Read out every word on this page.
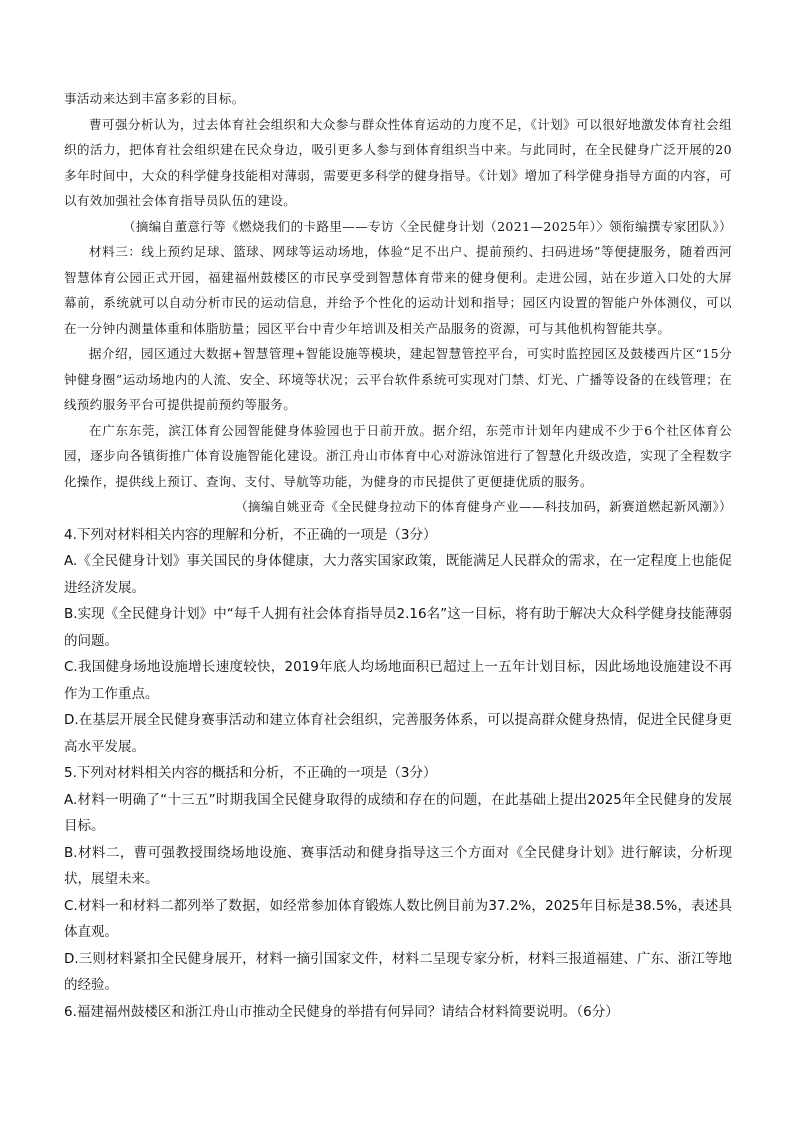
事活动来达到丰富多彩的目标。

曹可强分析认为，过去体育社会组织和大众参与群众性体育运动的力度不足，《计划》可以很好地激发体育社会组织的活力，把体育社会组织建在民众身边，吸引更多人参与到体育组织当中来。与此同时，在全民健身广泛开展的20多年时间中，大众的科学健身技能相对薄弱，需要更多科学的健身指导。《计划》增加了科学健身指导方面的内容，可以有效加强社会体育指导员队伍的建设。

（摘编自董意行等《燃烧我们的卡路里——专访〈全民健身计划（2021—2025年）〉领衔编撰专家团队》）

材料三：线上预约足球、篮球、网球等运动场地，体验“足不出户、提前预约、扫码进场”等便捷服务，随着西河智慧体育公园正式开园，福建福州鼓楼区的市民享受到智慧体育带来的健身便利。走进公园，站在步道入口处的大屏幕前，系统就可以自动分析市民的运动信息，并给予个性化的运动计划和指导；园区内设置的智能户外体测仪，可以在一分钟内测量体重和体脂肪量；园区平台中青少年培训及相关产品服务的资源，可与其他机构智能共享。

据介绍，园区通过大数据+智慧管理+智能设施等模块，建起智慧管控平台，可实时监控园区及鼓楼西片区“15分钟健身圈”运动场地内的人流、安全、环境等状况；云平台软件系统可实现对门禁、灯光、广播等设备的在线管理；在线预约服务平台可提供提前预约等服务。

在广东东莞，滨江体育公园智能健身体验园也于日前开放。据介绍，东莞市计划年内建成不少于6个社区体育公园，逐步向各镇街推广体育设施智能化建设。浙江舟山市体育中心对游泳馆进行了智慧化升级改造，实现了全程数字化操作，提供线上预订、查询、支付、导航等功能，为健身的市民提供了更便捷优质的服务。

（摘编自姚亚奇《全民健身拉动下的体育健身产业——科技加码，新赛道燃起新风潮》）

4.下列对材料相关内容的理解和分析，不正确的一项是（3分）

A.《全民健身计划》事关国民的身体健康，大力落实国家政策，既能满足人民群众的需求，在一定程度上也能促进经济发展。

B.实现《全民健身计划》中“每千人拥有社会体育指导员2.16名”这一目标，将有助于解决大众科学健身技能薄弱的问题。

C.我国健身场地设施增长速度较快，2019年底人均场地面积已超过上一五年计划目标，因此场地设施建设不再作为工作重点。

D.在基层开展全民健身赛事活动和建立体育社会组织，完善服务体系，可以提高群众健身热情，促进全民健身更高水平发展。

5.下列对材料相关内容的概括和分析，不正确的一项是（3分）

A.材料一明确了“十三五”时期我国全民健身取得的成绩和存在的问题，在此基础上提出2025年全民健身的发展目标。

B.材料二，曹可强教授围绕场地设施、赛事活动和健身指导这三个方面对《全民健身计划》进行解读，分析现状，展望未来。

C.材料一和材料二都列举了数据，如经常参加体育锻炼人数比例目前为37.2%，2025年目标是38.5%，表述具体直观。

D.三则材料紧扣全民健身展开，材料一摘引国家文件，材料二呈现专家分析，材料三报道福建、广东、浙江等地的经验。

6.福建福州鼓楼区和浙江舟山市推动全民健身的举措有何异同？请结合材料简要说明。（6分）
